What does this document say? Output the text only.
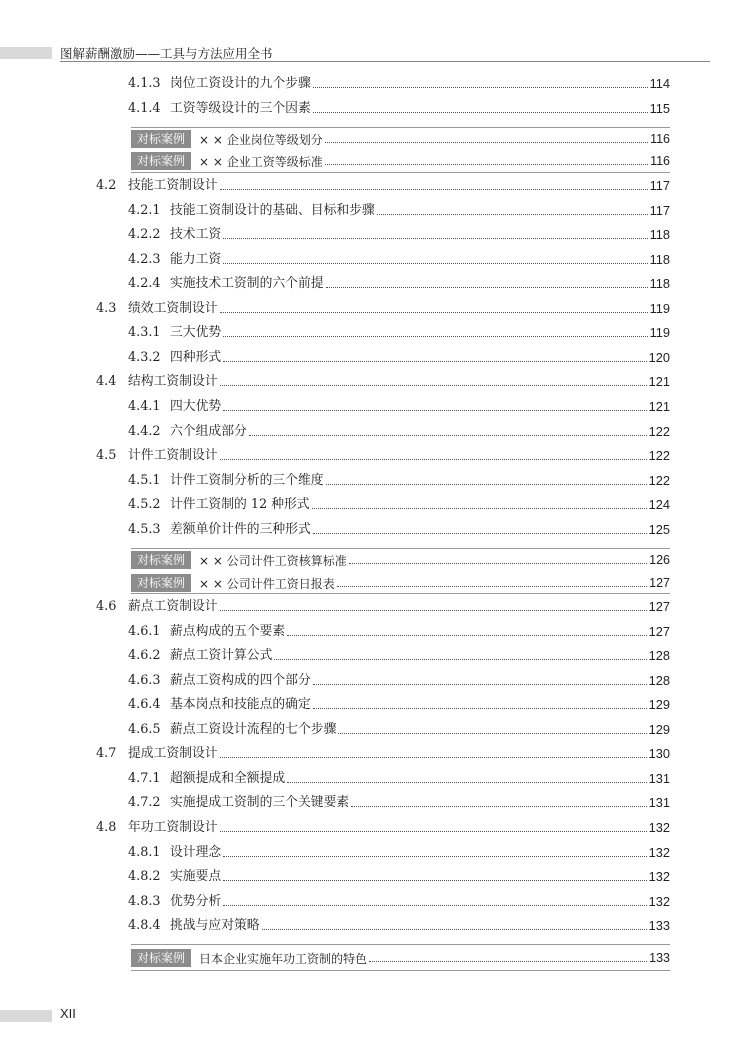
图解薪酬激励——工具与方法应用全书
4.1.3 岗位工资设计的九个步骤	114
4.1.4 工资等级设计的三个因素	115
对标案例	× × 企业岗位等级划分	116
对标案例	× × 企业工资等级标准	116
4.2 技能工资制设计	117
4.2.1 技能工资制设计的基础、目标和步骤	117
4.2.2 技术工资	118
4.2.3 能力工资	118
4.2.4 实施技术工资制的六个前提	118
4.3 绩效工资制设计	119
4.3.1 三大优势	119
4.3.2 四种形式	120
4.4 结构工资制设计	121
4.4.1 四大优势	121
4.4.2 六个组成部分	122
4.5 计件工资制设计	122
4.5.1 计件工资制分析的三个维度	122
4.5.2 计件工资制的 12 种形式	124
4.5.3 差额单价计件的三种形式	125
对标案例	× × 公司计件工资核算标准	126
对标案例	× × 公司计件工资日报表	127
4.6 薪点工资制设计	127
4.6.1 薪点构成的五个要素	127
4.6.2 薪点工资计算公式	128
4.6.3 薪点工资构成的四个部分	128
4.6.4 基本岗点和技能点的确定	129
4.6.5 薪点工资设计流程的七个步骤	129
4.7 提成工资制设计	130
4.7.1 超额提成和全额提成	131
4.7.2 实施提成工资制的三个关键要素	131
4.8 年功工资制设计	132
4.8.1 设计理念	132
4.8.2 实施要点	132
4.8.3 优势分析	132
4.8.4 挑战与应对策略	133
对标案例	日本企业实施年功工资制的特色	133
XII
